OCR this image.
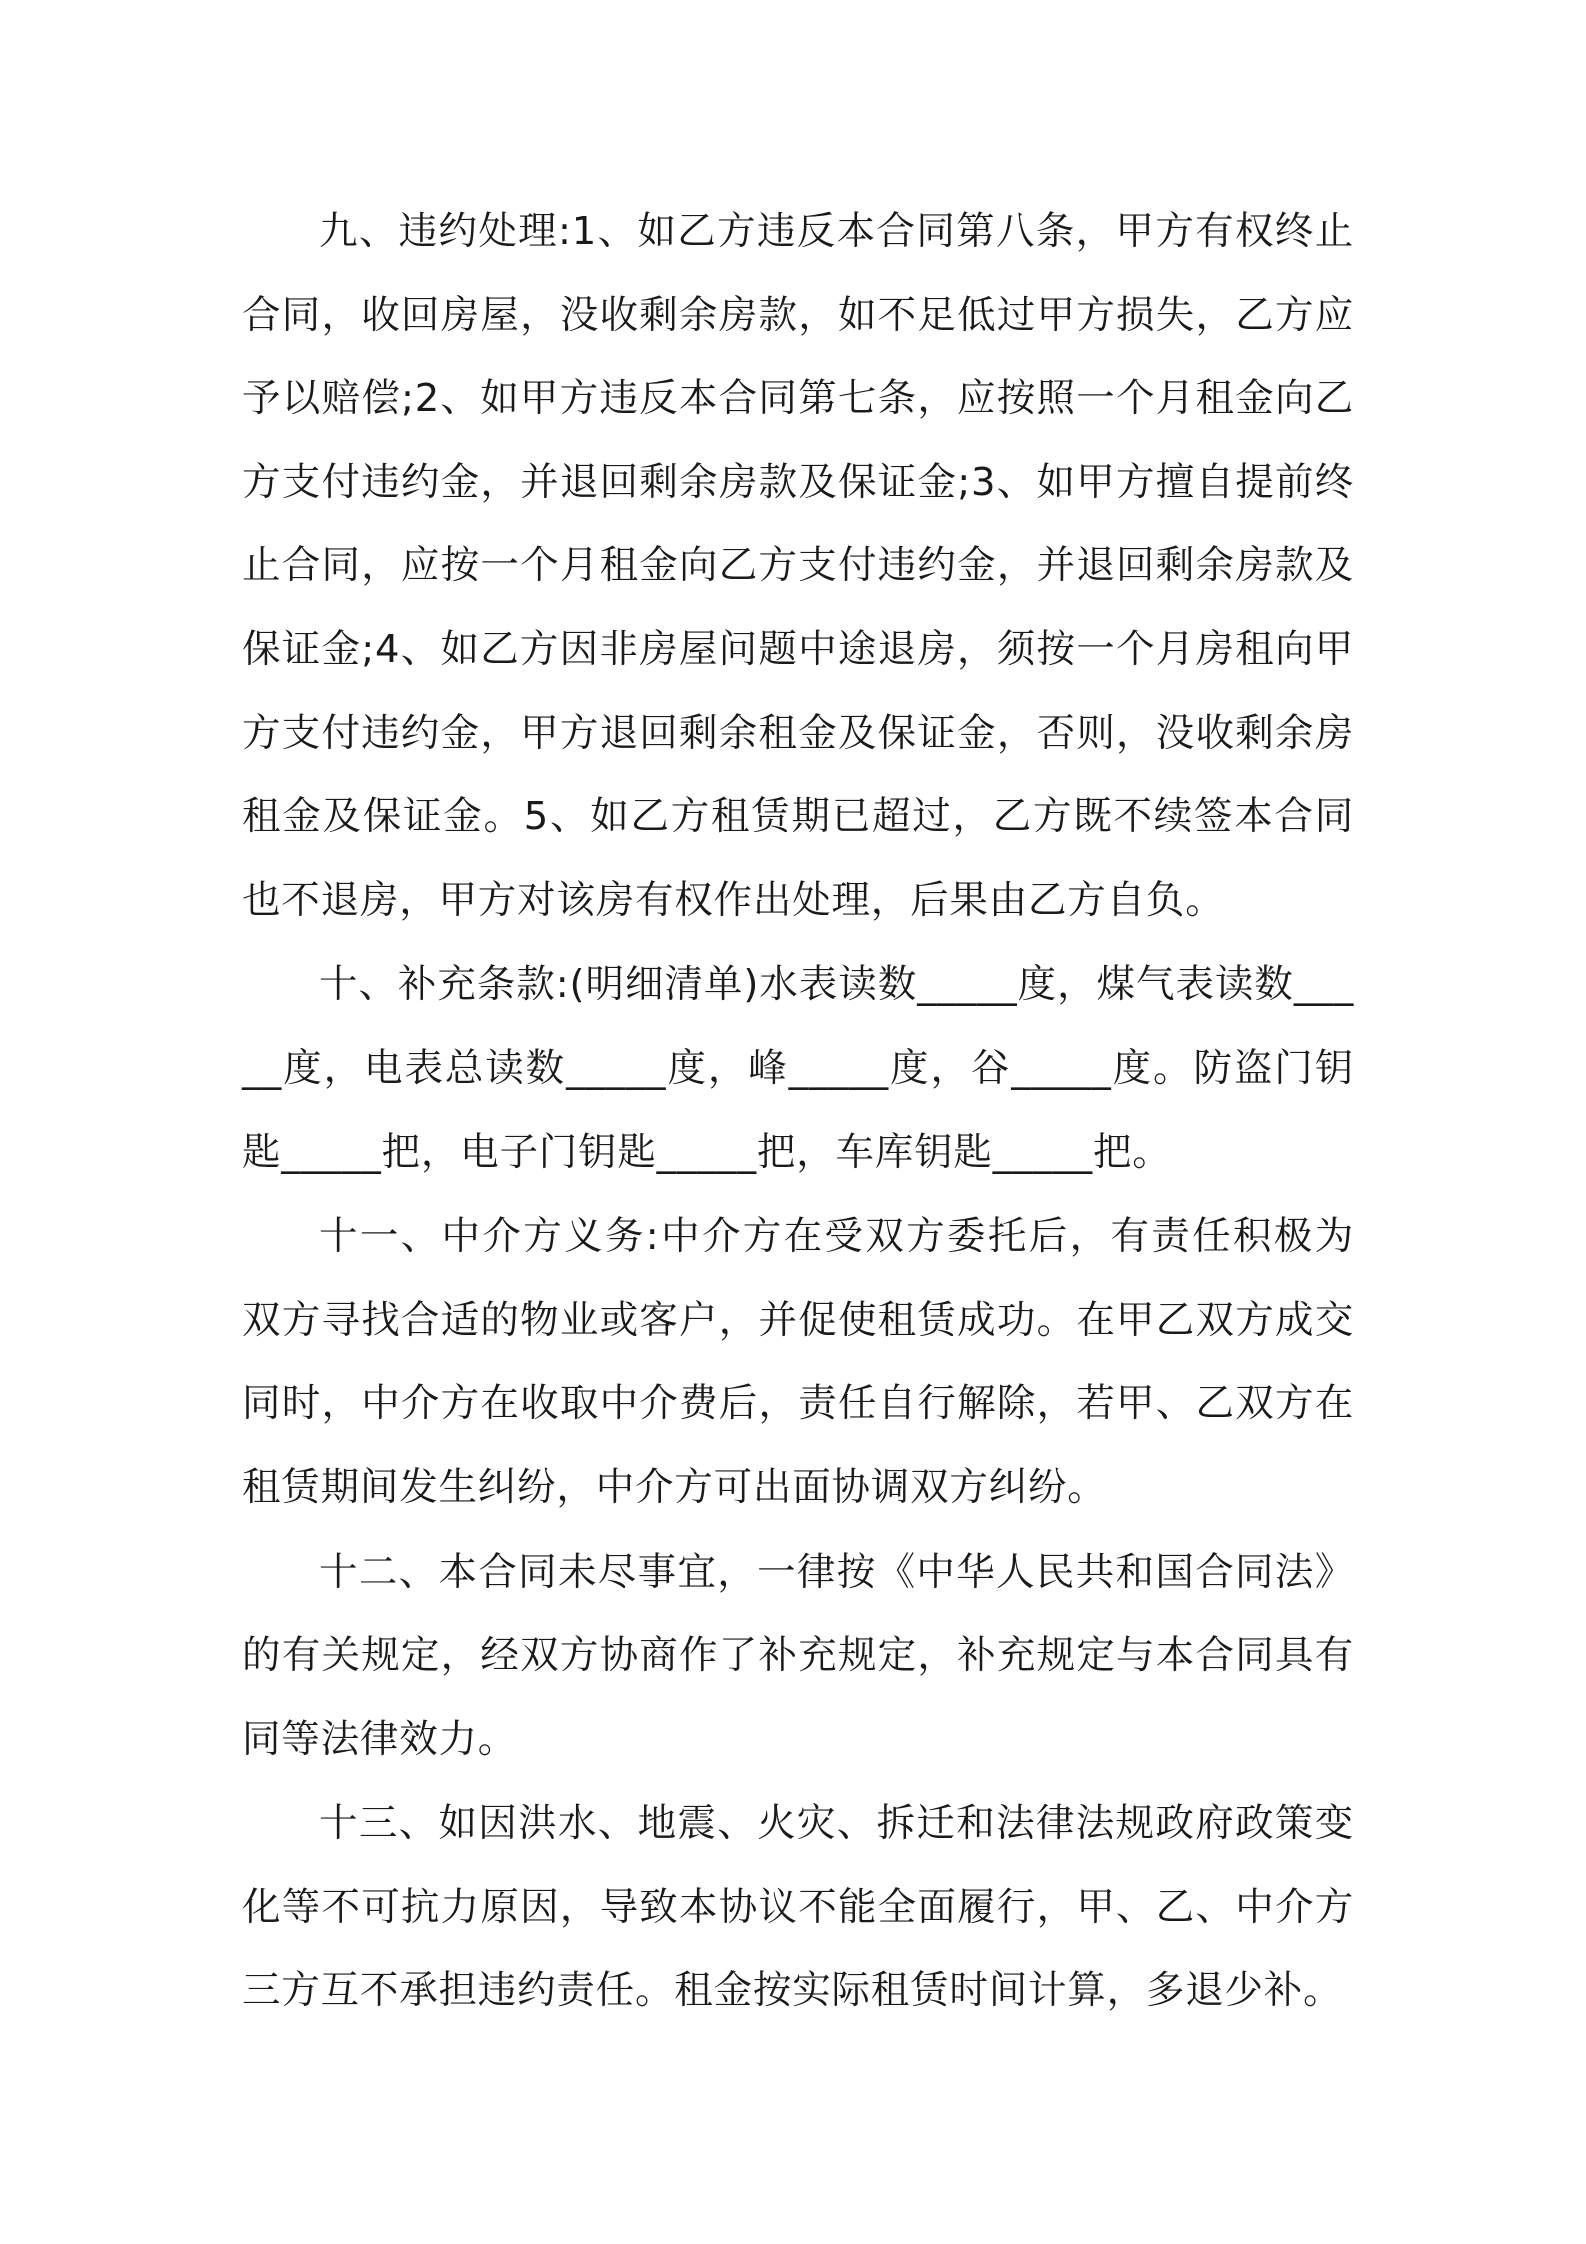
九、违约处理:1、如乙方违反本合同第八条，甲方有权终止合同，收回房屋，没收剩余房款，如不足低过甲方损失，乙方应予以赔偿;2、如甲方违反本合同第七条，应按照一个月租金向乙方支付违约金，并退回剩余房款及保证金;3、如甲方擅自提前终止合同，应按一个月租金向乙方支付违约金，并退回剩余房款及保证金;4、如乙方因非房屋问题中途退房，须按一个月房租向甲方支付违约金，甲方退回剩余租金及保证金，否则，没收剩余房租金及保证金。5、如乙方租赁期已超过，乙方既不续签本合同也不退房，甲方对该房有权作出处理，后果由乙方自负。

十、补充条款:(明细清单)水表读数_____度，煤气表读数_____度，电表总读数_____度，峰_____度，谷_____度。防盗门钥匙_____把，电子门钥匙_____把，车库钥匙_____把。

十一、中介方义务:中介方在受双方委托后，有责任积极为双方寻找合适的物业或客户，并促使租赁成功。在甲乙双方成交同时，中介方在收取中介费后，责任自行解除，若甲、乙双方在租赁期间发生纠纷，中介方可出面协调双方纠纷。

十二、本合同未尽事宜，一律按《中华人民共和国合同法》的有关规定，经双方协商作了补充规定，补充规定与本合同具有同等法律效力。

十三、如因洪水、地震、火灾、拆迁和法律法规政府政策变化等不可抗力原因，导致本协议不能全面履行，甲、乙、中介方三方互不承担违约责任。租金按实际租赁时间计算，多退少补。
